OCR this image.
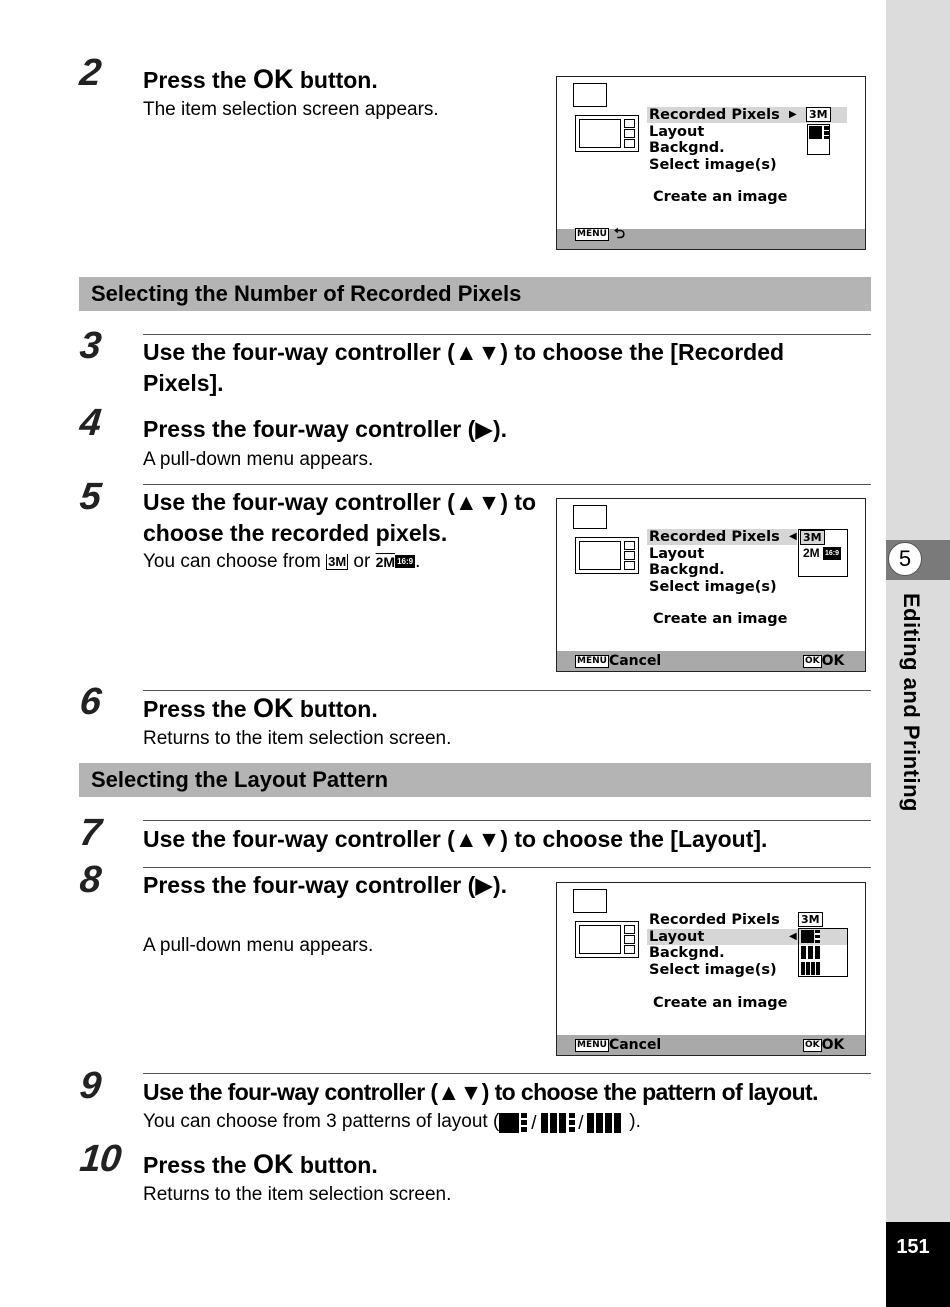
5
Editing and Printing
151
2 Press the OK button.
The item selection screen appears.	Recorded Pixels ▶ 3M
Layout
Backgnd.
Select image(s)
Create an image
MENU ⮌
Selecting the Number of Recorded Pixels
3 Use the four-way controller (▲▼) to choose the [Recorded Pixels].
4 Press the four-way controller (▶).
A pull-down menu appears.
5 Use the four-way controller (▲▼) to choose the recorded pixels.
You can choose from 3M or 2M 16:9 .
Recorded Pixels ◀ 3M
2M 16:9
Layout
Backgnd.
Select image(s)
Create an image
MENU Cancel	OK OK
6 Press the OK button.
Returns to the item selection screen.
Selecting the Layout Pattern
7 Use the four-way controller (▲▼) to choose the [Layout].
8 Press the four-way controller (▶).
A pull-down menu appears.
Recorded Pixels 3M
Layout	◀
Backgnd.
Select image(s)
Create an image
MENU Cancel	OK OK
9 Use the four-way controller (▲▼) to choose the pattern of layout.
You can choose from 3 patterns of layout ( / / ).
10 Press the OK button.
Returns to the item selection screen.
